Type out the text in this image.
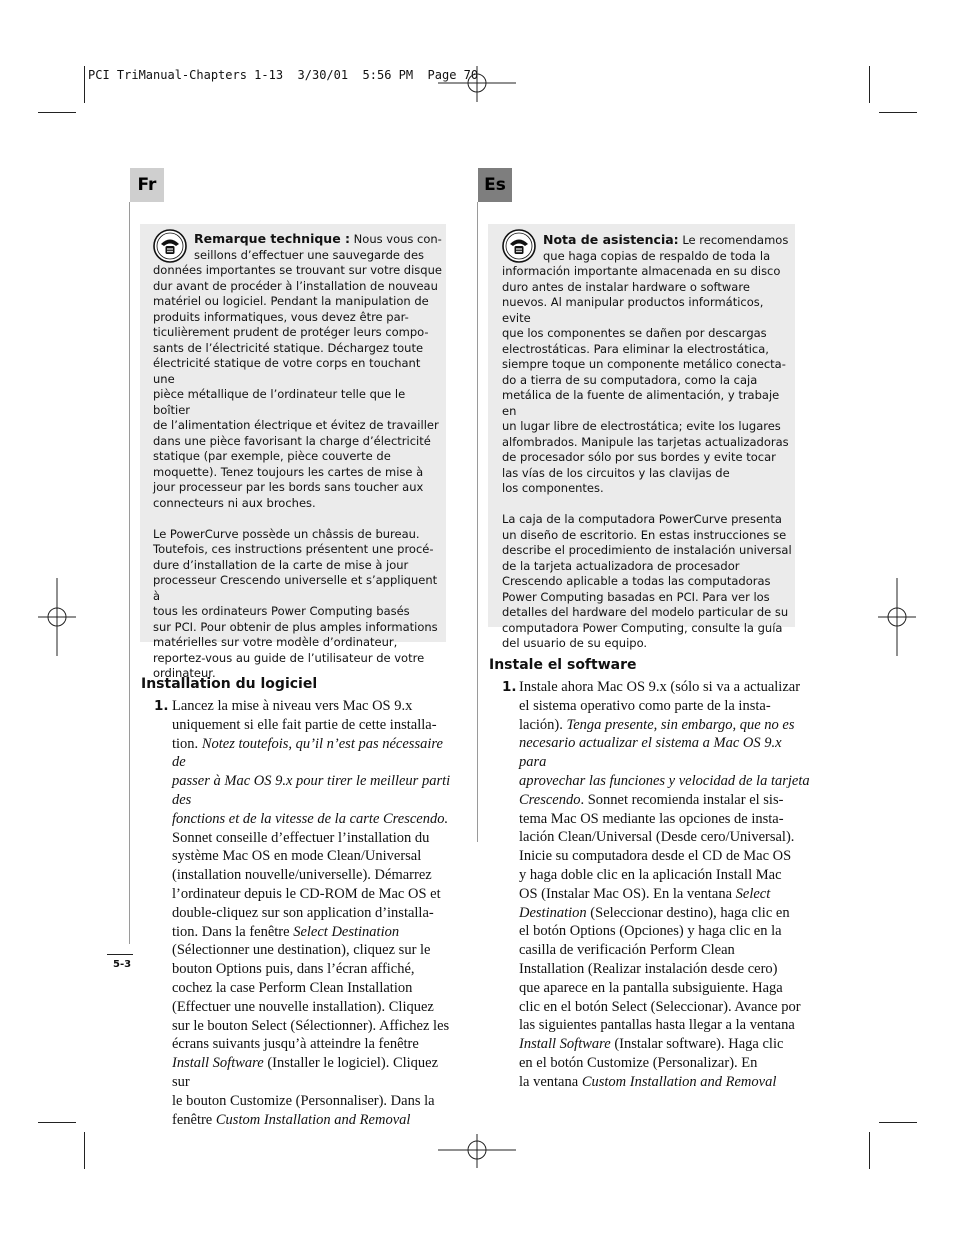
PCI TriManual-Chapters 1-13  3/30/01  5:56 PM  Page 70
Fr	Es

Remarque technique : Nous vous con-

seillons d’effectuer une sauvegarde des

données importantes se trouvant sur votre disque

dur avant de procéder à l’installation de nouveau

matériel ou logiciel. Pendant la manipulation de

produits informatiques, vous devez être par-

ticulièrement prudent de protéger leurs compo-

sants de l’électricité statique. Déchargez toute

électricité statique de votre corps en touchant une

pièce métallique de l’ordinateur telle que le boîtier

de l’alimentation électrique et évitez de travailler

dans une pièce favorisant la charge d’électricité

statique (par exemple, pièce couverte de

moquette). Tenez toujours les cartes de mise à

jour processeur par les bords sans toucher aux

connecteurs ni aux broches.

Le PowerCurve possède un châssis de bureau.

Toutefois, ces instructions présentent une procé-

dure d’installation de la carte de mise à jour

processeur Crescendo universelle et s’appliquent à

tous les ordinateurs Power Computing basés

sur PCI. Pour obtenir de plus amples informations

matérielles sur votre modèle d’ordinateur,

reportez-vous au guide de l’utilisateur de votre

ordinateur.

Nota de asistencia: Le recomendamos

que haga copias de respaldo de toda la

información importante almacenada en su disco

duro antes de instalar hardware o software

nuevos. Al manipular productos informáticos, evite

que los componentes se dañen por descargas

electrostáticas. Para eliminar la electrostática,

siempre toque un componente metálico conecta-

do a tierra de su computadora, como la caja

metálica de la fuente de alimentación, y trabaje en

un lugar libre de electrostática; evite los lugares

alfombrados. Manipule las tarjetas actualizadoras

de procesador sólo por sus bordes y evite tocar

las vías de los circuitos y las clavijas de

los componentes.

La caja de la computadora PowerCurve presenta

un diseño de escritorio. En estas instrucciones se

describe el procedimiento de instalación universal

de la tarjeta actualizadora de procesador

Crescendo aplicable a todas las computadoras

Power Computing basadas en PCI. Para ver los

detalles del hardware del modelo particular de su

computadora Power Computing, consulte la guía

del usuario de su equipo.

Installation du logiciel
1. Lancez la mise à niveau vers Mac OS 9.x

uniquement si elle fait partie de cette installa-

tion. Notez toutefois, qu’il n’est pas nécessaire de

passer à Mac OS 9.x pour tirer le meilleur parti des

fonctions et de la vitesse de la carte Crescendo.

Sonnet conseille d’effectuer l’installation du

système Mac OS en mode Clean/Universal

(installation nouvelle/universelle). Démarrez

l’ordinateur depuis le CD-ROM de Mac OS et

double-cliquez sur son application d’installa-

tion. Dans la fenêtre Select Destination

(Sélectionner une destination), cliquez sur le

bouton Options puis, dans l’écran affiché,

cochez la case Perform Clean Installation

(Effectuer une nouvelle installation). Cliquez

sur le bouton Select (Sélectionner). Affichez les

écrans suivants jusqu’à atteindre la fenêtre

Install Software (Installer le logiciel). Cliquez sur

le bouton Customize (Personnaliser). Dans la

fenêtre Custom Installation and Removal

Instale el software
1. Instale ahora Mac OS 9.x (sólo si va a actualizar

el sistema operativo como parte de la insta-

lación). Tenga presente, sin embargo, que no es

necesario actualizar el sistema a Mac OS 9.x para

aprovechar las funciones y velocidad de la tarjeta

Crescendo. Sonnet recomienda instalar el sis-

tema Mac OS mediante las opciones de insta-

lación Clean/Universal (Desde cero/Universal).

Inicie su computadora desde el CD de Mac OS

y haga doble clic en la aplicación Install Mac

OS (Instalar Mac OS). En la ventana Select

Destination (Seleccionar destino), haga clic en

el botón Options (Opciones) y haga clic en la

casilla de verificación Perform Clean

Installation (Realizar instalación desde cero)

que aparece en la pantalla subsiguiente. Haga

clic en el botón Select (Seleccionar). Avance por

las siguientes pantallas hasta llegar a la ventana

Install Software (Instalar software). Haga clic

en el botón Customize (Personalizar). En

la ventana Custom Installation and Removal

5-3
